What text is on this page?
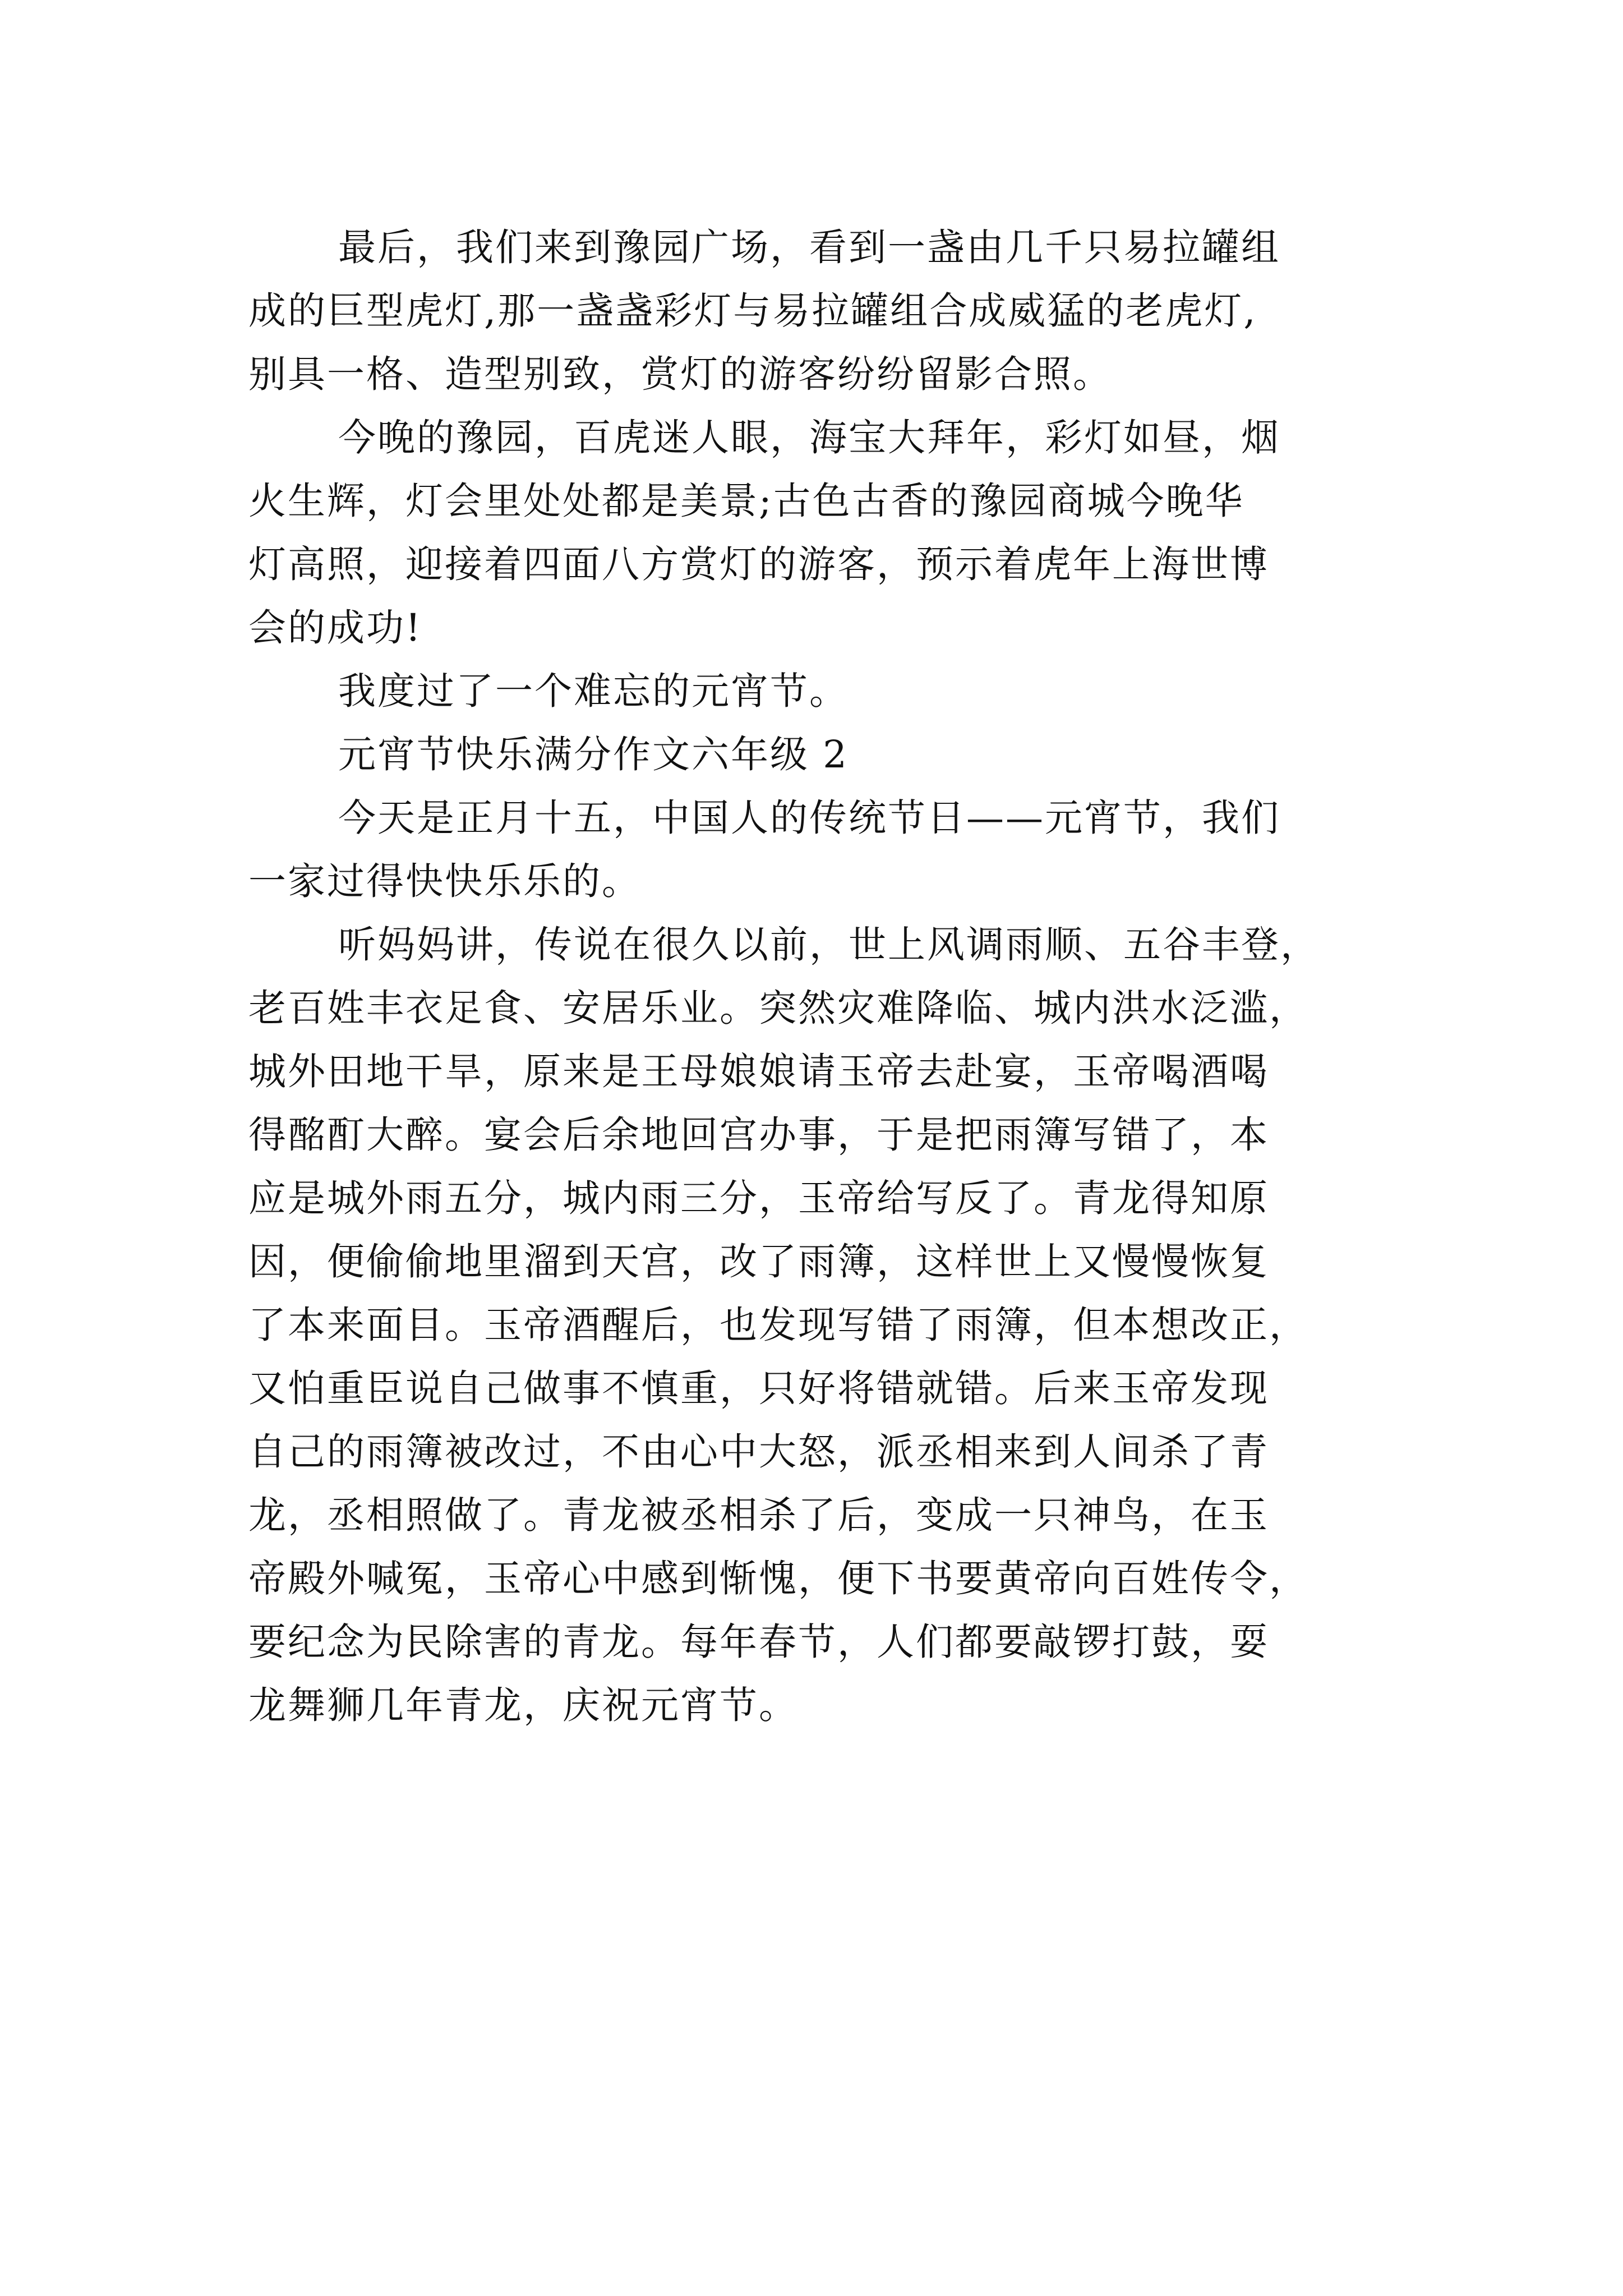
最后，我们来到豫园广场，看到一盏由几千只易拉罐组
成的巨型虎灯,那一盏盏彩灯与易拉罐组合成威猛的老虎灯,
别具一格、造型别致，赏灯的游客纷纷留影合照。
今晚的豫园，百虎迷人眼，海宝大拜年，彩灯如昼，烟
火生辉，灯会里处处都是美景;古色古香的豫园商城今晚华
灯高照，迎接着四面八方赏灯的游客，预示着虎年上海世博
会的成功!
我度过了一个难忘的元宵节。
元宵节快乐满分作文六年级 2
今天是正月十五，中国人的传统节日——元宵节，我们
一家过得快快乐乐的。
听妈妈讲，传说在很久以前，世上风调雨顺、五谷丰登，
老百姓丰衣足食、安居乐业。突然灾难降临、城内洪水泛滥，
城外田地干旱，原来是王母娘娘请玉帝去赴宴，玉帝喝酒喝
得酩酊大醉。宴会后余地回宫办事，于是把雨簿写错了，本
应是城外雨五分，城内雨三分，玉帝给写反了。青龙得知原
因，便偷偷地里溜到天宫，改了雨簿，这样世上又慢慢恢复
了本来面目。玉帝酒醒后，也发现写错了雨簿，但本想改正，
又怕重臣说自己做事不慎重，只好将错就错。后来玉帝发现
自己的雨簿被改过，不由心中大怒，派丞相来到人间杀了青
龙，丞相照做了。青龙被丞相杀了后，变成一只神鸟，在玉
帝殿外喊冤，玉帝心中感到惭愧，便下书要黄帝向百姓传令，
要纪念为民除害的青龙。每年春节，人们都要敲锣打鼓，耍
龙舞狮几年青龙，庆祝元宵节。
